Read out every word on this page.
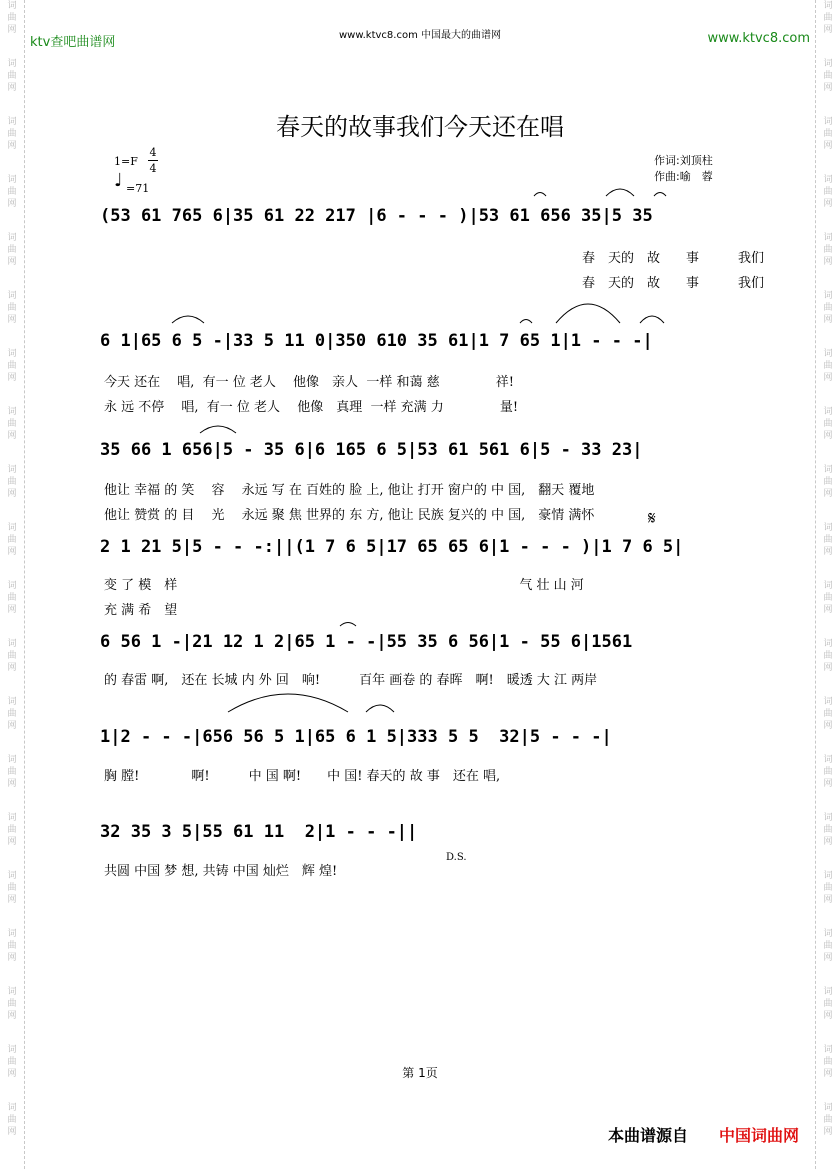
词
曲
网
词
曲
网
词
曲
网
词
曲
网
词
曲
网
词
曲
网
词
曲
网
词
曲
网
词
曲
网
词
曲
网
词
曲
网
词
曲
网
词
曲
网
词
曲
网
词
曲
网
词
曲
网
词
曲
网
词
曲
网
词
曲
网
词
曲
网
词
曲
网
词
曲
网
词
曲
网
词
曲
网
词
曲
网
词
曲
网
词
曲
网
词
曲
网
词
曲
网
词
曲
网
词
曲
网
词
曲
网
词
曲
网
词
曲
网
词
曲
网
词
曲
网
词
曲
网
词
曲
网
词
曲
网
词
曲
网
ktv查吧曲谱网	www.ktvc8.com 中国最大的曲谱网	www.ktvc8.com
春天的故事我们今天还在唱
1=F
4
4
♩ =71
作词:刘顶柱
作曲:喻　蓉
(53 61 765 6|35 61 22 217 |6 - - - )|53 61 656 35|5 35
春　天的　故　　事　　　我们
春　天的　故　　事　　　我们
6 1|65 6 5 -|33 5 11 0|350 610 35 61|1 7 65 1|1 - - -|
今天 还在　 唱,  有一 位 老人　 他像　亲人  一样 和蔼 慈　　　　 祥!
永 远 不停　 唱,  有一 位 老人　 他像　真理  一样 充满 力　　　　 量!
35 66 1 656|5 - 35 6|6 165 6 5|53 61 561 6|5 - 33 23|
他让 幸福 的 笑　 容　 永远 写 在 百姓的 脸 上, 他让 打开 窗户的 中 国,　翻天 覆地
他让 赞赏 的 目　 光　 永远 聚 焦 世界的 东 方, 他让 民族 复兴的 中 国,　豪情 满怀
2 1 21 5|5 - - -:||(1 7 6 5|17 65 65 6|1 - - - )|1 7 6 5|
𝄋
变 了 模　样　　　　　　　　　　　　　　　　　　　　　　　　　　 气 壮 山 河
充 满 希　望
6 56 1 -|21 12 1 2|65 1 - -|55 35 6 56|1 - 55 6|1561
的 春雷 啊,　还在 长城 内 外 回　响!　　　百年 画卷 的 春晖　啊!　暖透 大 江 两岸
1|2 - - -|656 56 5 1|65 6 1 5|333 5 5  32|5 - - -|
胸 膛!　　　　啊!　　　中 国 啊!　　中 国! 春天的 故 事　还在 唱,
32 35 3 5|55 61 11  2|1 - - -||
D.S.
共圆 中国 梦 想, 共铸 中国 灿烂　辉 煌!
第 1页
本曲谱源自 中国词曲网
